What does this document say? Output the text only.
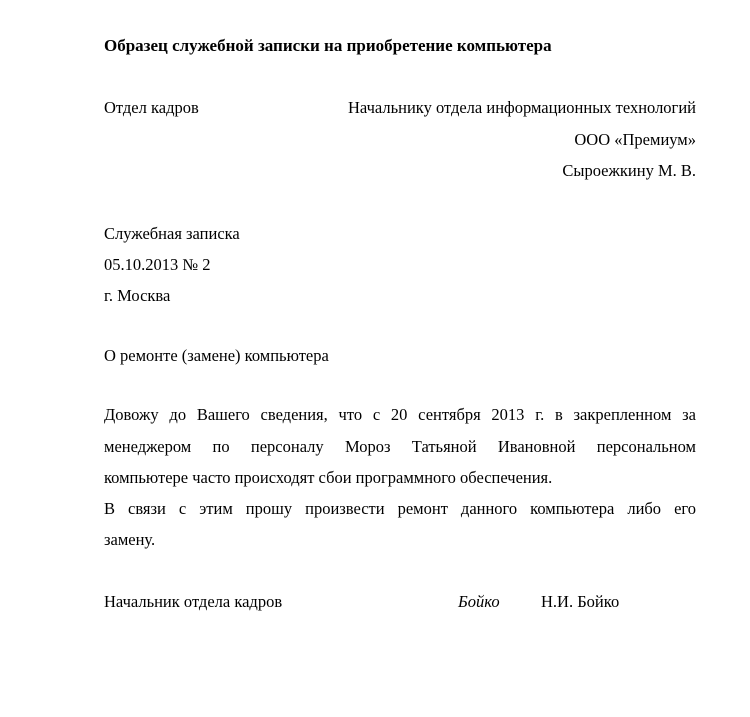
Образец служебной записки на приобретение компьютера
Отдел кадров	Начальнику отдела информационных технологий
ООО «Премиум»
Сыроежкину М. В.
Служебная записка
05.10.2013 № 2
г. Москва
О ремонте (замене) компьютера
Довожу до Вашего сведения, что с 20 сентября 2013 г. в закрепленном за
менеджером по персоналу Мороз Татьяной Ивановной персональном
компьютере часто происходят сбои программного обеспечения.
В связи с этим прошу произвести ремонт данного компьютера либо его
замену.
Начальник отдела кадров	Бойко	Н.И. Бойко
